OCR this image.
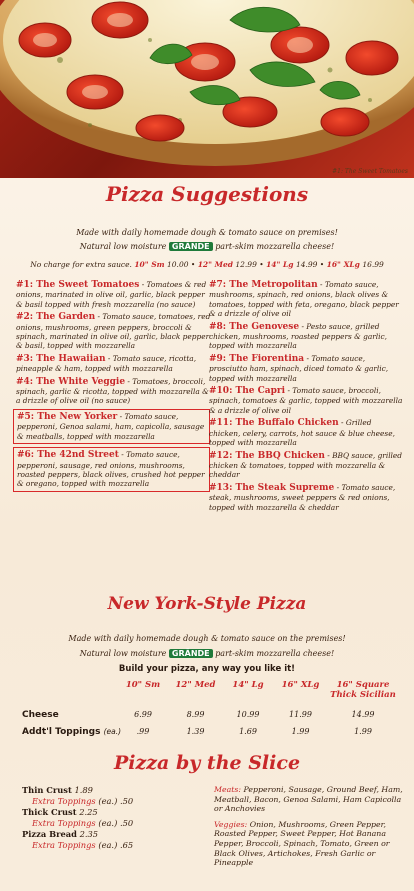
#1: The Sweet Tomatoes
Pizza Suggestions
Made with daily homemade dough & tomato sauce on premises!
Natural low moisture GRĀNDE part-skim mozzarella cheese!
No charge for extra sauce. 10" Sm 10.00 • 12" Med 12.99 • 14" Lg 14.99 • 16" XLg 16.99
#1: The Sweet Tomatoes - Tomatoes & red onions, marinated in olive oil, garlic, black pepper & basil topped with fresh mozzarella (no sauce)
#2: The Garden - Tomato sauce, tomatoes, red onions, mushrooms, green peppers, broccoli & spinach, marinated in olive oil, garlic, black pepper & basil, topped with mozzarella
#3: The Hawaiian - Tomato sauce, ricotta, pineapple & ham, topped with mozzarella
#4: The White Veggie - Tomatoes, broccoli, spinach, garlic & ricotta, topped with mozzarella & a drizzle of olive oil (no sauce)
#5: The New Yorker - Tomato sauce, pepperoni, Genoa salami, ham, capicolla, sausage & meatballs, topped with mozzarella
#6: The 42nd Street - Tomato sauce, pepperoni, sausage, red onions, mushrooms, roasted peppers, black olives, crushed hot pepper & oregano, topped with mozzarella
#7: The Metropolitan - Tomato sauce, mushrooms, spinach, red onions, black olives & tomatoes, topped with feta, oregano, black pepper & a drizzle of olive oil
#8: The Genovese - Pesto sauce, grilled chicken, mushrooms, roasted peppers & garlic, topped with mozzarella
#9: The Fiorentina - Tomato sauce, prosciutto ham, spinach, diced tomato & garlic, topped with mozzarella
#10: The Capri - Tomato sauce, broccoli, spinach, tomatoes & garlic, topped with mozzarella & a drizzle of olive oil
#11: The Buffalo Chicken - Grilled chicken, celery, carrots, hot sauce & blue cheese, topped with mozzarella
#12: The BBQ Chicken - BBQ sauce, grilled chicken & tomatoes, topped with mozzarella & cheddar
#13: The Steak Supreme - Tomato sauce, steak, mushrooms, sweet peppers & red onions, topped with mozzarella & cheddar
New York-Style Pizza
Made with daily homemade dough & tomato sauce on the premises!
Natural low moisture GRĀNDE part-skim mozzarella cheese!
Build your pizza, any way you like it!
10" Sm	12" Med	14" Lg	16" XLg	16" Square Thick Sicilian
Cheese	6.99	8.99	10.99	11.99	14.99
Addt'l Toppings (ea.)	.99	1.39	1.69	1.99	1.99
Pizza by the Slice
Thin Crust 1.89
Extra Toppings (ea.) .50
Thick Crust 2.25
Extra Toppings (ea.) .50
Pizza Bread 2.35
Extra Toppings (ea.) .65

Meats: Pepperoni, Sausage, Ground Beef, Ham, Meatball, Bacon, Genoa Salami, Ham Capicolla or Anchovies

Veggies: Onion, Mushrooms, Green Pepper, Roasted Pepper, Sweet Pepper, Hot Banana Pepper, Broccoli, Spinach, Tomato, Green or Black Olives, Artichokes, Fresh Garlic or Pineapple
